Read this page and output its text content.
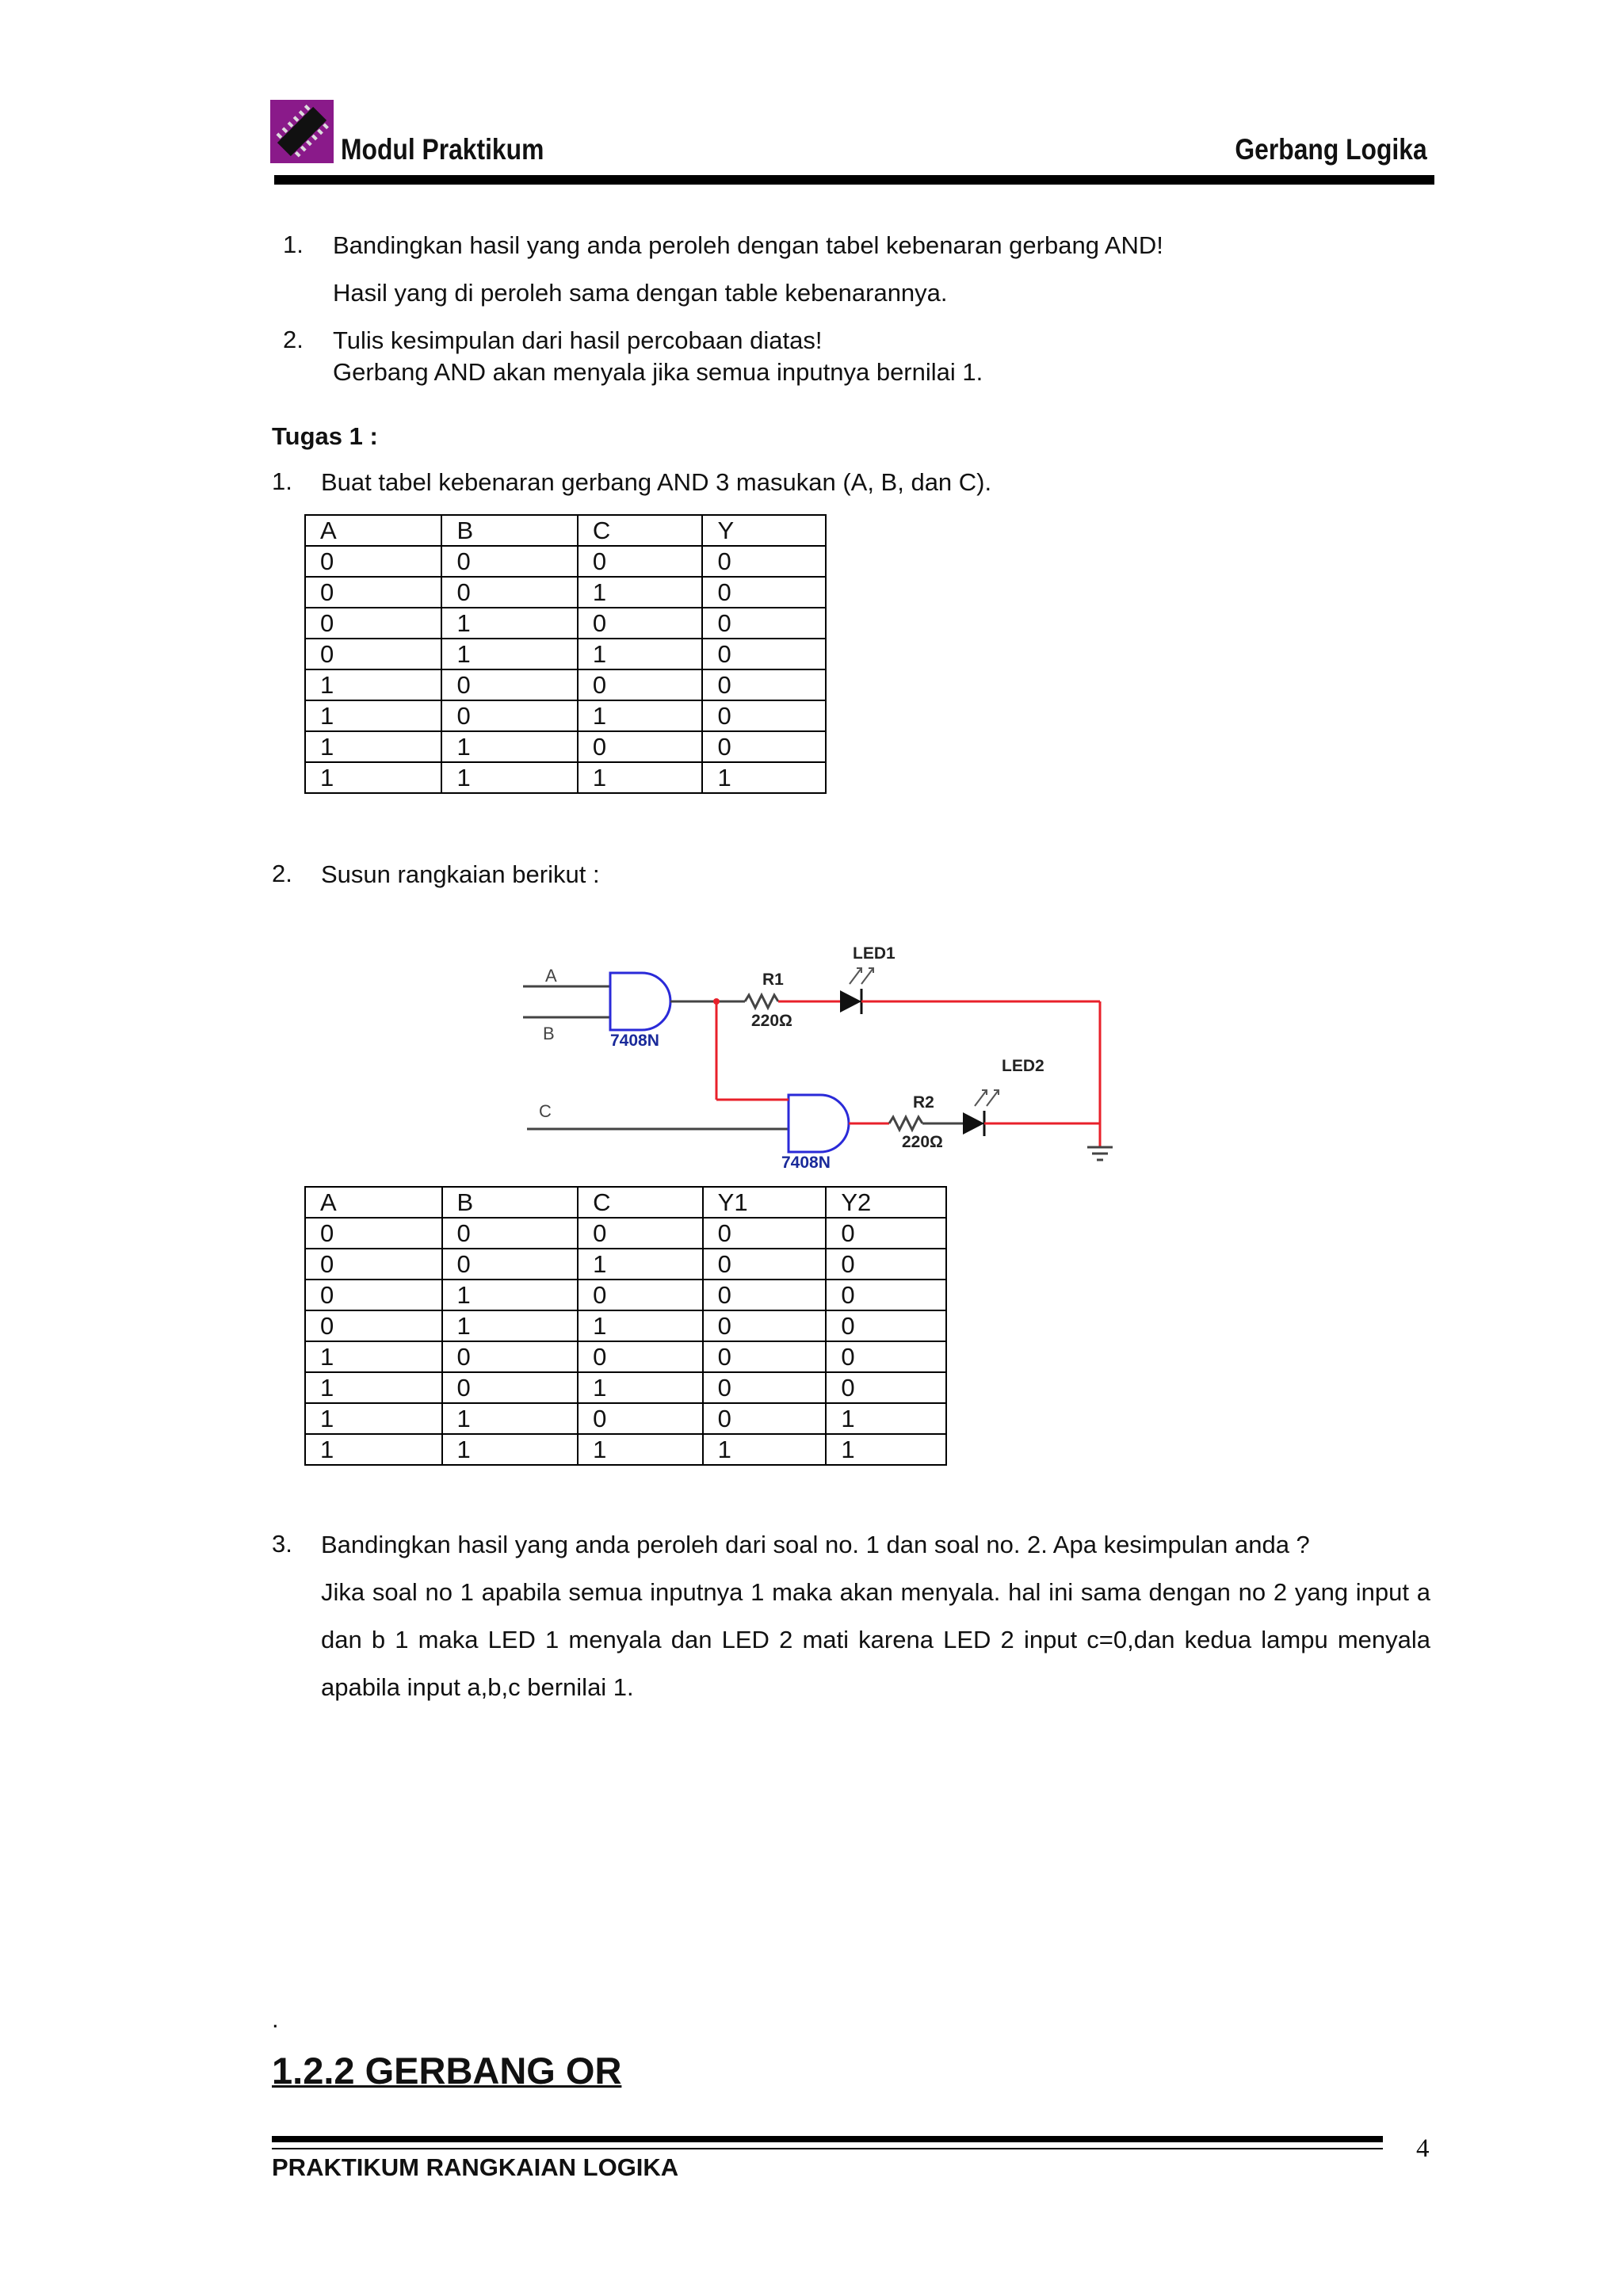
Modul Praktikum	Gerbang Logika
1. Bandingkan hasil yang anda peroleh dengan tabel kebenaran gerbang AND!
Hasil yang di peroleh sama dengan table kebenarannya.
2. Tulis kesimpulan dari hasil percobaan diatas!
Gerbang AND akan menyala jika semua inputnya bernilai 1.
Tugas 1 :
1. Buat tabel kebenaran gerbang AND 3 masukan (A, B, dan C).
A	B	C	Y
0	0	0	0
0	0	1	0
0	1	0	0
0	1	1	0
1	0	0	0
1	0	1	0
1	1	0	0
1	1	1	1
2. Susun rangkaian berikut :
A
B
C
7408N
7408N
R1
220Ω
LED1
R2
220Ω
LED2
A	B	C	Y1	Y2
0	0	0	0	0
0	0	1	0	0
0	1	0	0	0
0	1	1	0	0
1	0	0	0	0
1	0	1	0	0
1	1	0	0	1
1	1	1	1	1
3. Bandingkan hasil yang anda peroleh dari soal no. 1 dan soal no. 2. Apa kesimpulan anda ?
Jika soal no 1 apabila semua inputnya 1 maka akan menyala. hal ini sama dengan no 2 yang input a dan b 1 maka LED 1 menyala dan LED 2 mati karena LED 2 input c=0,dan kedua lampu menyala apabila input a,b,c bernilai 1.
.
1.2.2 GERBANG OR
PRAKTIKUM RANGKAIAN LOGIKA
4
